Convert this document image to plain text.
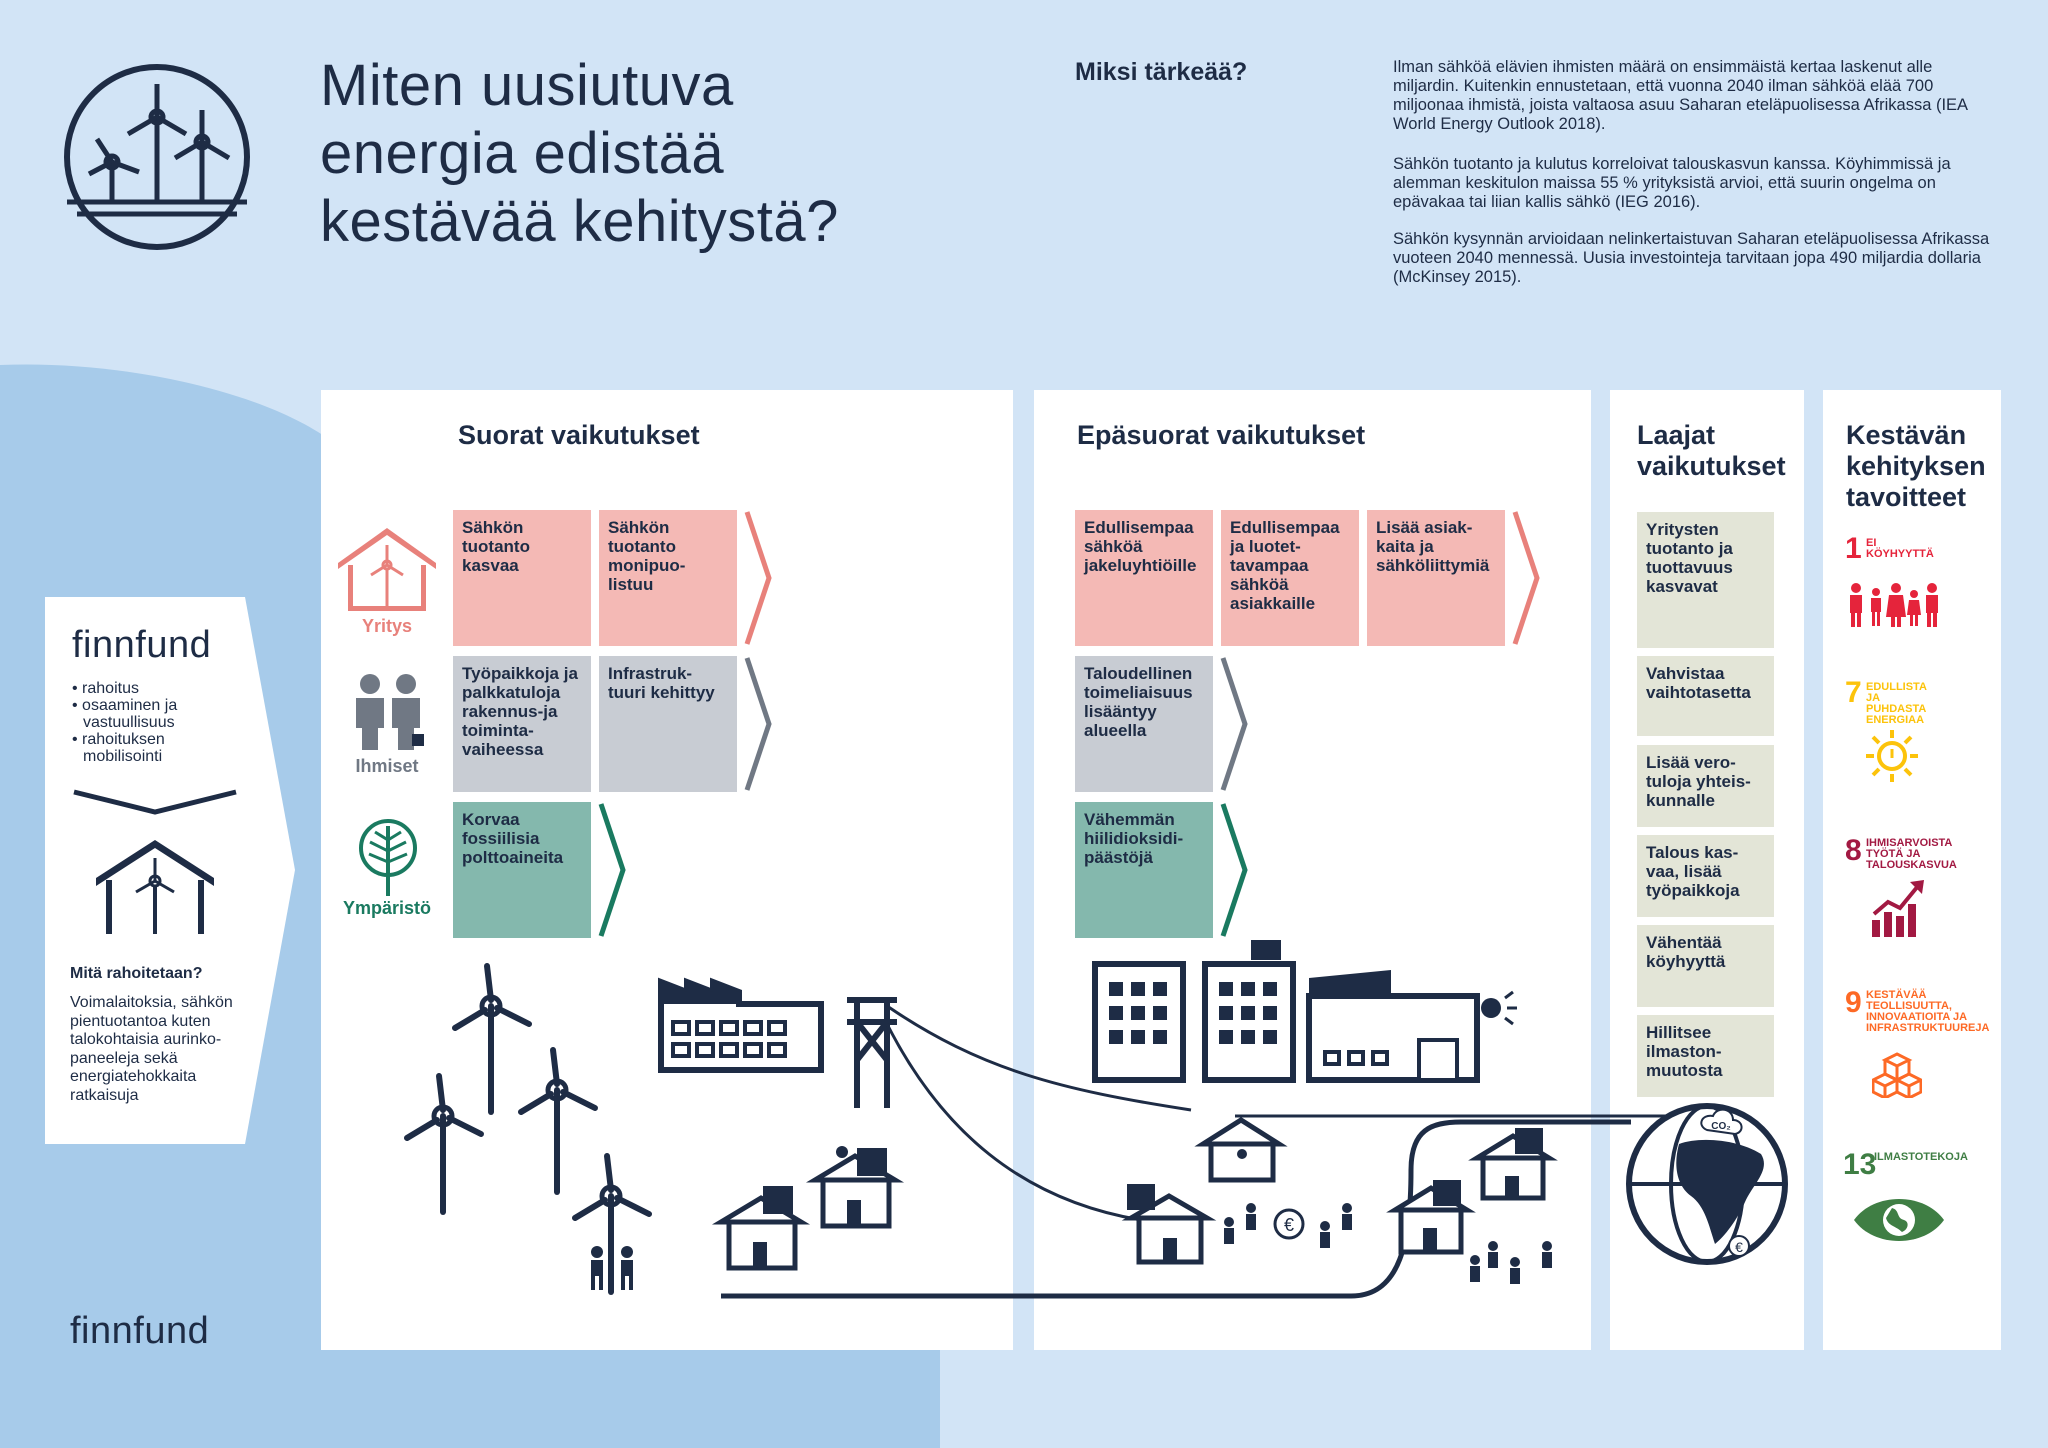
Miten uusiutuva energia edistää kestävää kehitystä?
Miksi tärkeää?	Ilman sähköä elävien ihmisten määrä on ensimmäistä kertaa laskenut alle miljardin. Kuitenkin ennustetaan, että vuonna 2040 ilman sähköä elää 700 miljoonaa ihmistä, joista valtaosa asuu Saharan eteläpuolisessa Afrikassa (IEA World Energy Outlook 2018).

Sähkön tuotanto ja kulutus korreloivat talouskasvun kanssa. Köyhimmissä ja alemman keskitulon maissa 55 % yrityksistä arvioi, että suurin ongelma on epävakaa tai liian kallis sähkö (IEG 2016).

Sähkön kysynnän arvioidaan nelinkertaistuvan Saharan eteläpuolisessa Afrikassa vuoteen 2040 mennessä. Uusia investointeja tarvitaan jopa 490 miljardia dollaria (McKinsey 2015).

finnfund
• rahoitus
• osaaminen ja
vastuullisuus
• rahoituksen
mobilisointi
Mitä rahoitetaan?
Voimalaitoksia, sähkön pientuotantoa kuten talokohtaisia aurinko-paneeleja sekä energiatehokkaita ratkaisuja
finnfund
Suorat vaikutukset
Yritys
Ihmiset
Ympäristö
Sähkön tuotanto kasvaa
Sähkön tuotanto monipuo-listuu
Työpaikkoja ja palkkatuloja rakennus-ja toiminta-vaiheessa
Infrastruk-tuuri kehittyy
Korvaa fossiilisia polttoaineita
Epäsuorat vaikutukset
Edullisempaa sähköä jakeluyhtiöille
Edullisempaa ja luotet-tavampaa sähköä asiakkaille
Lisää asiak-kaita ja sähköliittymiä
Taloudellinen toimeliaisuus lisääntyy alueella
Vähemmän hiilidioksidi-päästöjä
Laajat vaikutukset
Yritysten tuotanto ja tuottavuus kasvavat
Vahvistaa vaihtotasetta
Lisää vero-tuloja yhteis-kunnalle
Talous kas-vaa, lisää työpaikkoja
Vähentää köyhyyttä
Hillitsee ilmaston-muutosta
Kestävän kehityksen tavoitteet
1 EI KÖYHYYTTÄ
7 EDULLISTA JA PUHDASTA ENERGIAA
8 IHMISARVOISTA TYÖTÄ JA TALOUSKASVUA
9 KESTÄVÄÄ TEOLLISUUTTA, INNOVAATIOITA JA INFRASTRUKTUUREJA
13
ILMASTOTEKOJA
€
CO₂
€
